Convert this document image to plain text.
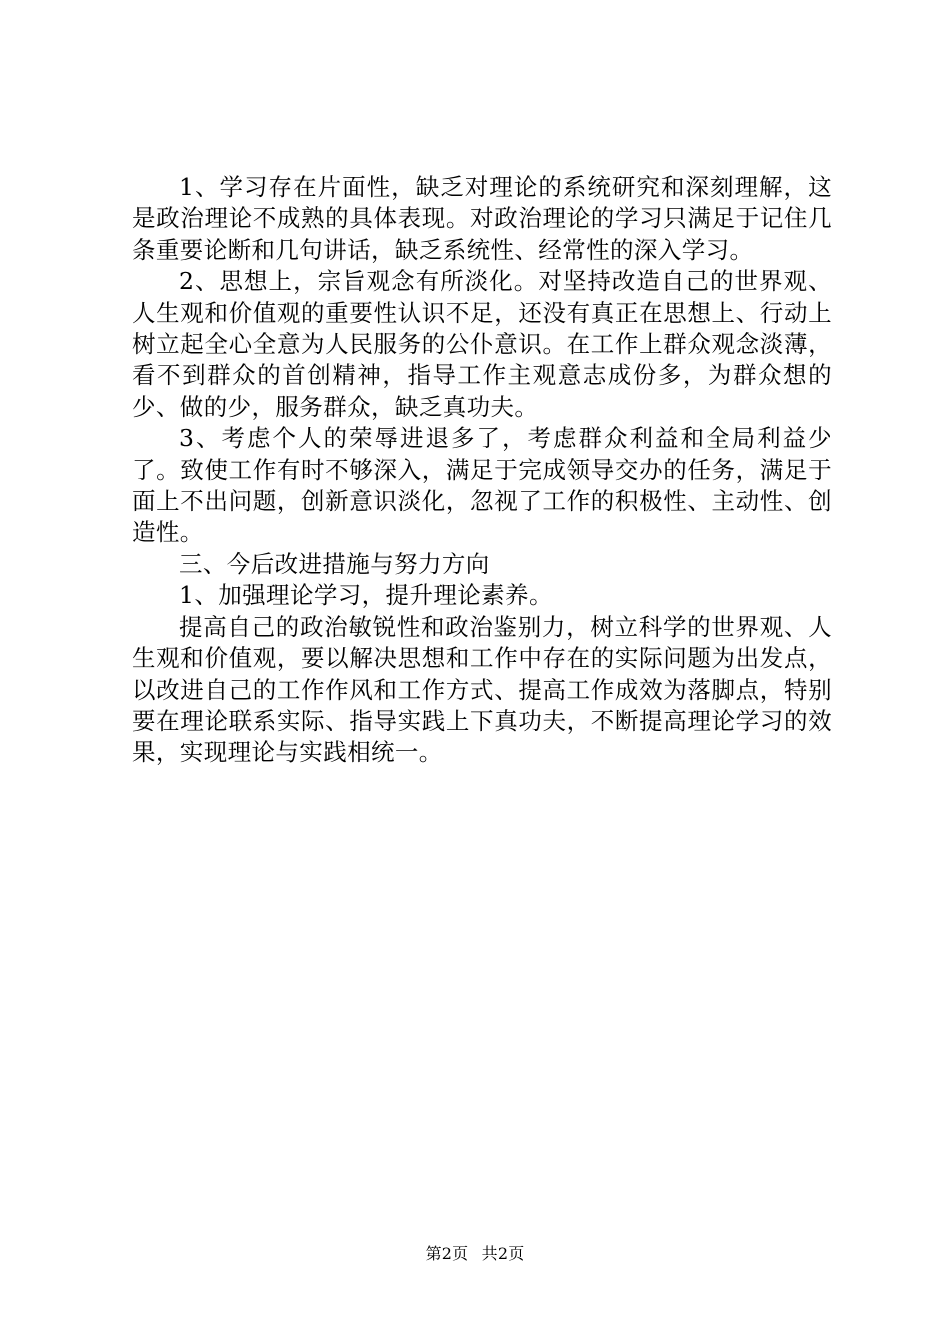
1、学习存在片面性，缺乏对理论的系统研究和深刻理解，这是政治理论不成熟的具体表现。对政治理论的学习只满足于记住几条重要论断和几句讲话，缺乏系统性、经常性的深入学习。

2、思想上，宗旨观念有所淡化。对坚持改造自己的世界观、人生观和价值观的重要性认识不足，还没有真正在思想上、行动上树立起全心全意为人民服务的公仆意识。在工作上群众观念淡薄，看不到群众的首创精神，指导工作主观意志成份多，为群众想的少、做的少，服务群众，缺乏真功夫。

3、考虑个人的荣辱进退多了，考虑群众利益和全局利益少了。致使工作有时不够深入，满足于完成领导交办的任务，满足于面上不出问题，创新意识淡化，忽视了工作的积极性、主动性、创造性。

三、今后改进措施与努力方向

1、加强理论学习，提升理论素养。

提高自己的政治敏锐性和政治鉴别力，树立科学的世界观、人生观和价值观，要以解决思想和工作中存在的实际问题为出发点，以改进自己的工作作风和工作方式、提高工作成效为落脚点，特别要在理论联系实际、指导实践上下真功夫，不断提高理论学习的效果，实现理论与实践相统一。

第2页 共2页
